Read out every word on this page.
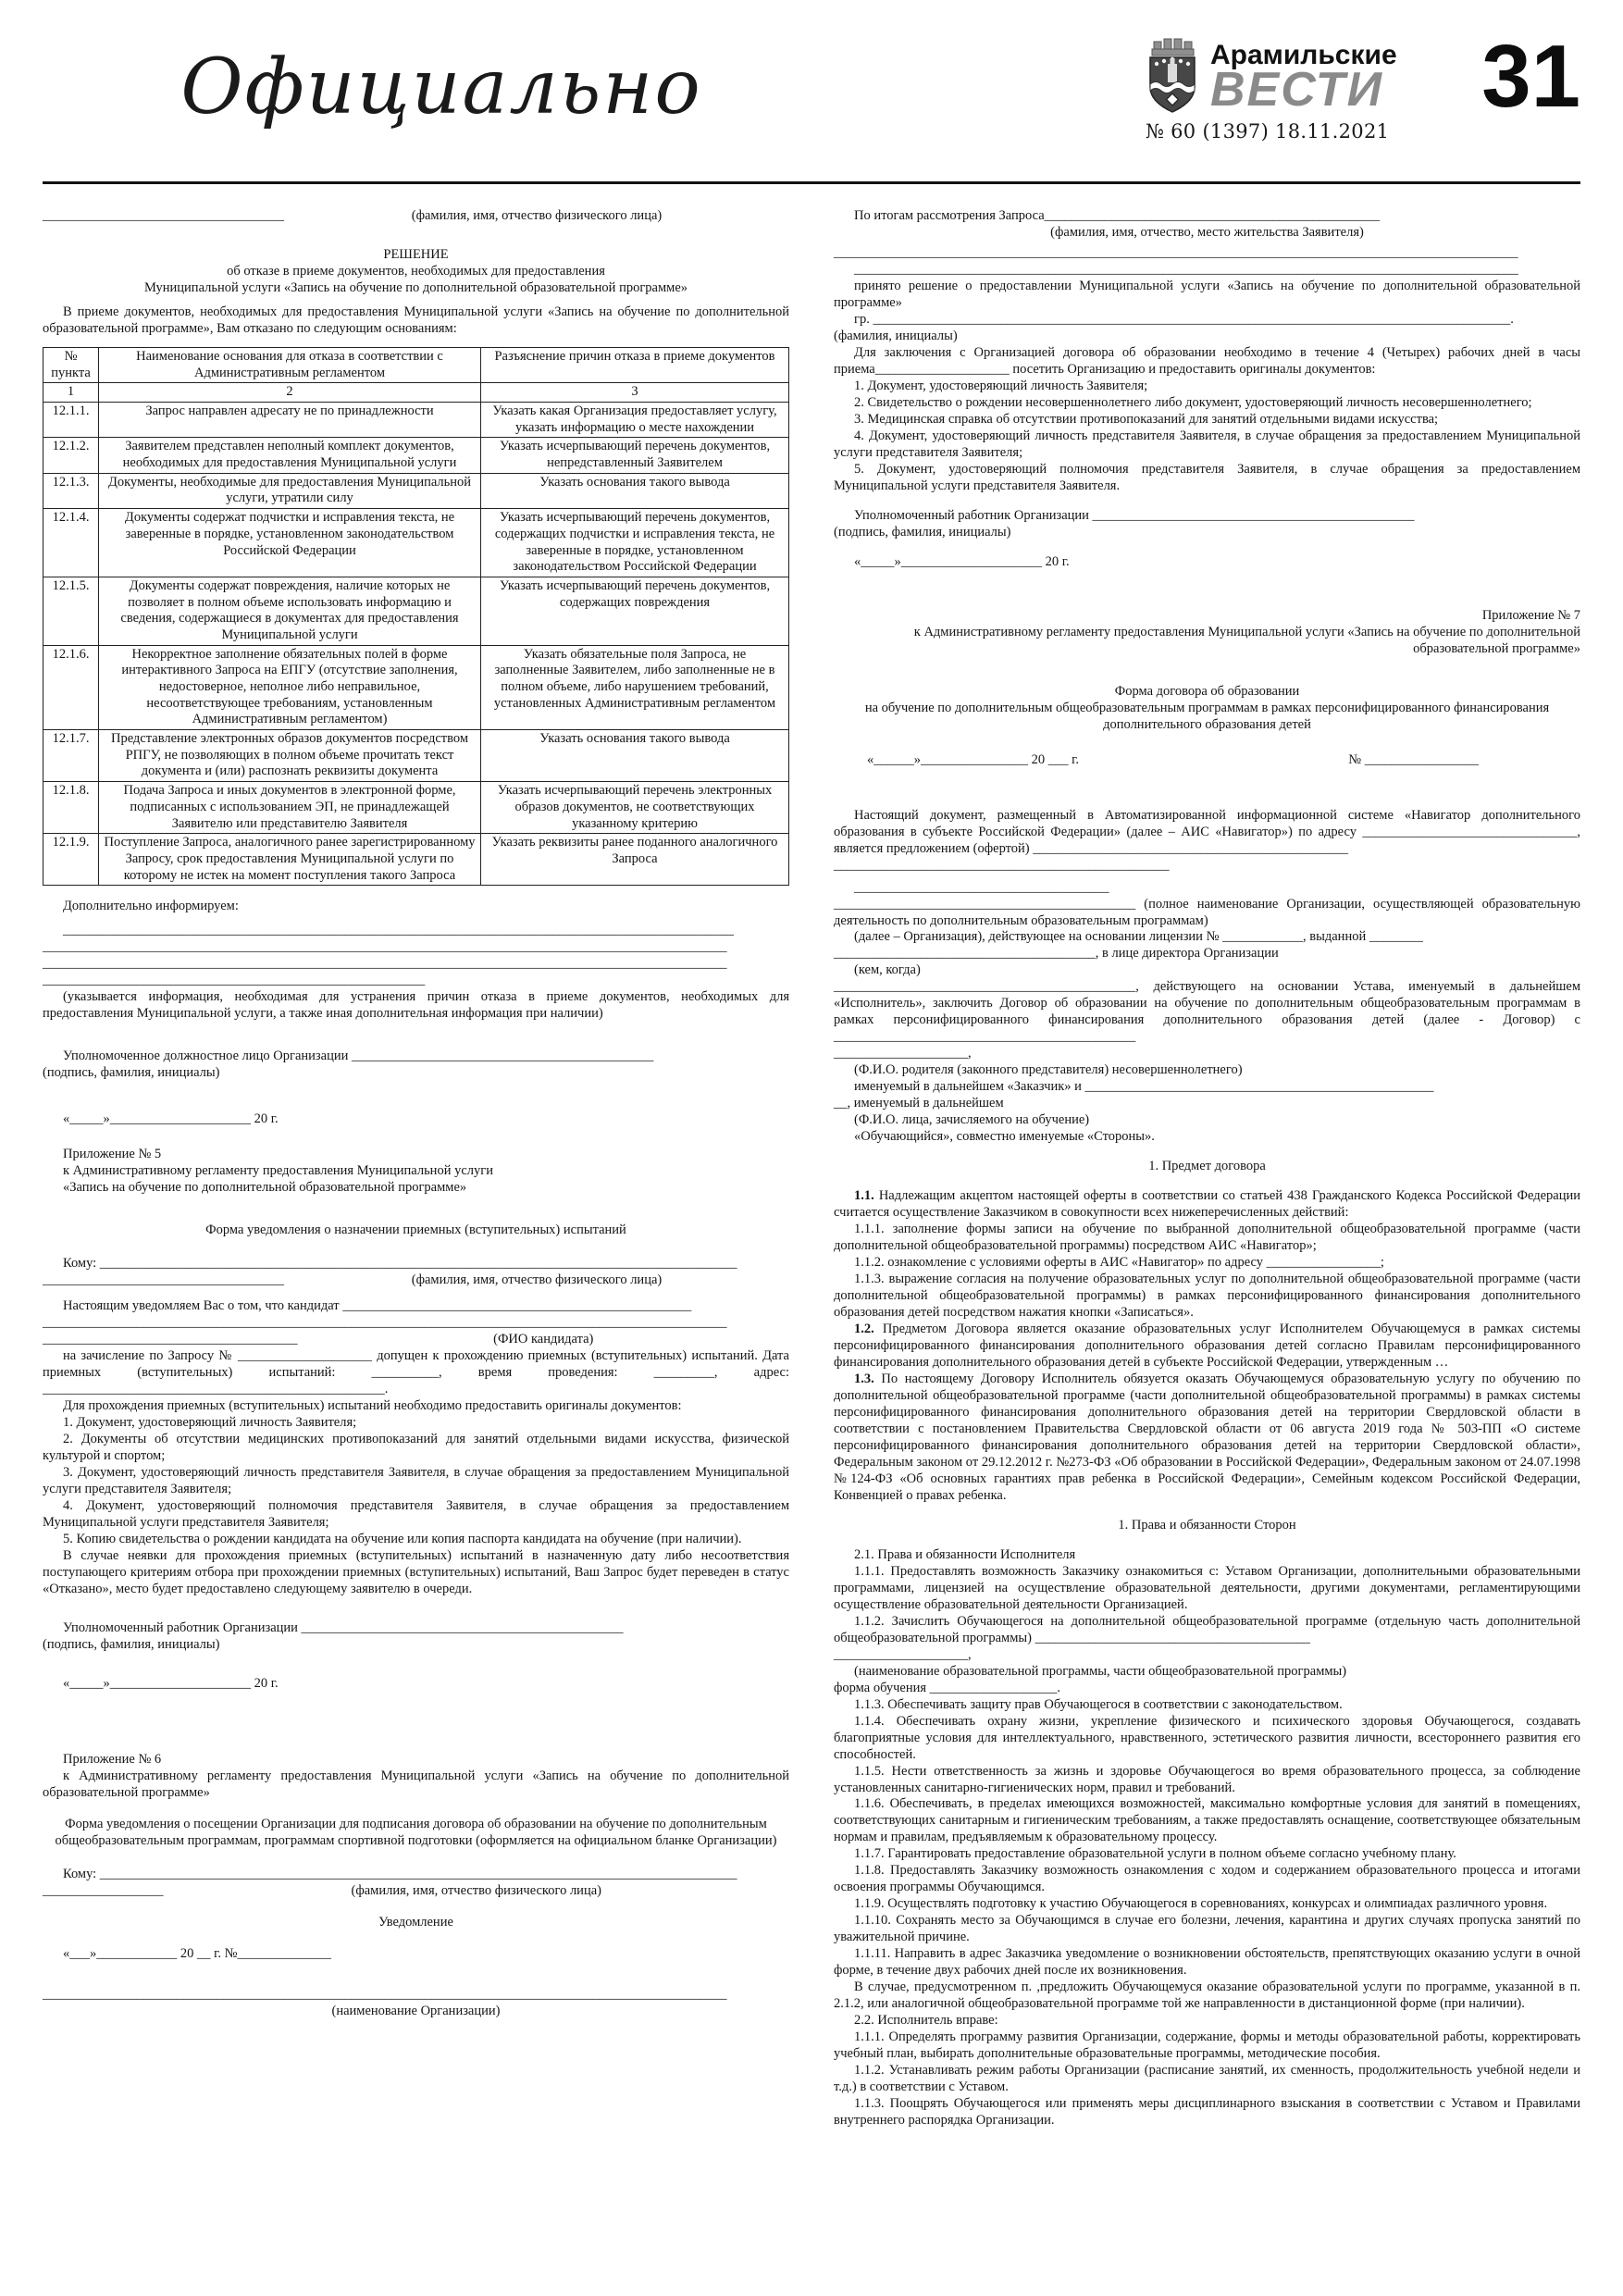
Официально	Арамильские
ВЕСТИ 31
№ 60 (1397) 18.11.2021
____________________________________	(фамилия, имя, отчество физического лица)
РЕШЕНИЕ
об отказе в приеме документов, необходимых для предоставления
Муниципальной услуги «Запись на обучение по дополнительной образовательной программе»
В приеме документов, необходимых для предоставления Муниципальной услуги «Запись на обучение по дополнительной образовательной программе», Вам отказано по следующим основаниям:
№ пункта	Наименование основания для отказа в соответствии с Административным регламентом	Разъяснение причин отказа в приеме документов
1	2	3
12.1.1.	Запрос направлен адресату не по принадлежности	Указать какая Организация предоставляет услугу, указать информацию о месте нахождении
12.1.2.	Заявителем представлен неполный комплект документов, необходимых для предоставления Муниципальной услуги	Указать исчерпывающий перечень документов, непредставленный Заявителем
12.1.3.	Документы, необходимые для предоставления Муниципальной услуги, утратили силу	Указать основания такого вывода
12.1.4.	Документы содержат подчистки и исправления текста, не заверенные в порядке, установленном законодательством Российской Федерации	Указать исчерпывающий перечень документов, содержащих подчистки и исправления текста, не заверенные в порядке, установленном законодательством Российской Федерации
12.1.5.	Документы содержат повреждения, наличие которых не позволяет в полном объеме использовать информацию и сведения, содержащиеся в документах для предоставления Муниципальной услуги	Указать исчерпывающий перечень документов, содержащих повреждения
12.1.6.	Некорректное заполнение обязательных полей в форме интерактивного Запроса на ЕПГУ (отсутствие заполнения, недостоверное, неполное либо неправильное, несоответствующее требованиям, установленным Административным регламентом)	Указать обязательные поля Запроса, не заполненные Заявителем, либо заполненные не в полном объеме, либо нарушением требований, установленных Административным регламентом
12.1.7.	Представление электронных образов документов посредством РПГУ, не позволяющих в полном объеме прочитать текст документа и (или) распознать реквизиты документа	Указать основания такого вывода
12.1.8.	Подача Запроса и иных документов в электронной форме, подписанных с использованием ЭП, не принадлежащей Заявителю или представителю Заявителя	Указать исчерпывающий перечень электронных образов документов, не соответствующих указанному критерию
12.1.9.	Поступление Запроса, аналогичного ранее зарегистрированному Запросу, срок предоставления Муниципальной услуги по которому не истек на момент поступления такого Запроса	Указать реквизиты ранее поданного аналогичного Запроса
Дополнительно информируем:
____________________________________________________________________________________________________
______________________________________________________________________________________________________
______________________________________________________________________________________________________
_________________________________________________________
(указывается информация, необходимая для устранения причин отказа в приеме документов, необходимых для предоставления Муниципальной услуги, а также иная дополнительная информация при наличии)
Уполномоченное должностное лицо Организации _____________________________________________
(подпись, фамилия, инициалы)
«_____»_____________________ 20 г.
Приложение № 5
к Административному регламенту предоставления Муниципальной услуги
«Запись на обучение по дополнительной образовательной программе»
Форма уведомления о назначении приемных (вступительных) испытаний
Кому: _______________________________________________________________________________________________
____________________________________	(фамилия, имя, отчество физического лица)
Настоящим уведомляем Вас о том, что кандидат ____________________________________________________
______________________________________________________________________________________________________
______________________________________	(ФИО кандидата)
на зачисление по Запросу № ____________________ допущен к прохождению приемных (вступительных) испытаний. Дата приемных (вступительных) испытаний: __________, время проведения: _________, адрес: ___________________________________________________.
Для прохождения приемных (вступительных) испытаний необходимо предоставить оригиналы документов:
1. Документ, удостоверяющий личность Заявителя;
2. Документы об отсутствии медицинских противопоказаний для занятий отдельными видами искусства, физической культурой и спортом;
3. Документ, удостоверяющий личность представителя Заявителя, в случае обращения за предоставлением Муниципальной услуги представителя Заявителя;
4. Документ, удостоверяющий полномочия представителя Заявителя, в случае обращения за предоставлением Муниципальной услуги представителя Заявителя;
5. Копию свидетельства о рождении кандидата на обучение или копия паспорта кандидата на обучение (при наличии).
В случае неявки для прохождения приемных (вступительных) испытаний в назначенную дату либо несоответствия поступающего критериям отбора при прохождении приемных (вступительных) испытаний, Ваш Запрос будет переведен в статус «Отказано», место будет предоставлено следующему заявителю в очереди.
Уполномоченный работник Организации ________________________________________________
(подпись, фамилия, инициалы)
«_____»_____________________ 20 г.
Приложение № 6
к Административному регламенту предоставления Муниципальной услуги «Запись на обучение по дополнительной образовательной программе»
Форма уведомления о посещении Организации для подписания договора об образовании на обучение по дополнительным общеобразовательным программам, программам спортивной подготовки (оформляется на официальном бланке Организации)
Кому: _______________________________________________________________________________________________
__________________	(фамилия, имя, отчество физического лица)
Уведомление
«___»____________ 20 __ г. №______________
______________________________________________________________________________________________________
(наименование Организации)
По итогам рассмотрения Запроса__________________________________________________
(фамилия, имя, отчество, место жительства Заявителя)
______________________________________________________________________________________________________
___________________________________________________________________________________________________
принято решение о предоставлении Муниципальной услуги «Запись на обучение по дополнительной образовательной программе»
гр. _______________________________________________________________________________________________.
(фамилия, инициалы)
Для заключения с Организацией договора об образовании необходимо в течение 4 (Четырех) рабочих дней в часы приема____________________ посетить Организацию и предоставить оригиналы документов:
1. Документ, удостоверяющий личность Заявителя;
2. Свидетельство о рождении несовершеннолетнего либо документ, удостоверяющий личность несовершеннолетнего;
3. Медицинская справка об отсутствии противопоказаний для занятий отдельными видами искусства;
4. Документ, удостоверяющий личность представителя Заявителя, в случае обращения за предоставлением Муниципальной услуги представителя Заявителя;
5. Документ, удостоверяющий полномочия представителя Заявителя, в случае обращения за предоставлением Муниципальной услуги представителя Заявителя.
Уполномоченный работник Организации ________________________________________________
(подпись, фамилия, инициалы)
«_____»_____________________ 20 г.
Приложение № 7
к Административному регламенту предоставления Муниципальной услуги «Запись на обучение по дополнительной образовательной программе»
Форма договора об образовании
на обучение по дополнительным общеобразовательным программам в рамках персонифицированного финансирования дополнительного образования детей
«______»________________ 20 ___ г.	№ _________________
Настоящий документ, размещенный в Автоматизированной информационной системе «Навигатор дополнительного образования в субъекте Российской Федерации» (далее – АИС «Навигатор») по адресу ________________________________, является предложением (офертой) _______________________________________________
__________________________________________________
______________________________________
_____________________________________________ (полное наименование Организации, осуществляющей образовательную деятельность по дополнительным образовательным программам)
(далее – Организация), действующее на основании лицензии № ____________, выданной ________
_______________________________________, в лице директора Организации
(кем, когда)
_____________________________________________, действующего на основании Устава, именуемый в дальнейшем «Исполнитель», заключить Договор об образовании на обучение по дополнительным общеобразовательным программам в рамках персонифицированного финансирования дополнительного образования детей (далее - Договор) с _____________________________________________
____________________,
(Ф.И.О. родителя (законного представителя) несовершеннолетнего)
именуемый в дальнейшем «Заказчик» и ____________________________________________________
__, именуемый в дальнейшем
(Ф.И.О. лица, зачисляемого на обучение)
«Обучающийся», совместно именуемые «Стороны».
1. Предмет договора
1.1. Надлежащим акцептом настоящей оферты в соответствии со статьей 438 Гражданского Кодекса Российской Федерации считается осуществление Заказчиком в совокупности всех нижеперечисленных действий:
1.1.1. заполнение формы записи на обучение по выбранной дополнительной общеобразовательной программе (части дополнительной общеобразовательной программы) посредством АИС «Навигатор»;
1.1.2. ознакомление с условиями оферты в АИС «Навигатор» по адресу _________________;
1.1.3. выражение согласия на получение образовательных услуг по дополнительной общеобразовательной программе (части дополнительной общеобразовательной программы) в рамках персонифицированного финансирования дополнительного образования детей посредством нажатия кнопки «Записаться».
1.2. Предметом Договора является оказание образовательных услуг Исполнителем Обучающемуся в рамках системы персонифицированного финансирования дополнительного образования детей согласно Правилам персонифицированного финансирования дополнительного образования детей в субъекте Российской Федерации, утвержденным …
1.3. По настоящему Договору Исполнитель обязуется оказать Обучающемуся образовательную услугу по обучению по дополнительной общеобразовательной программе (части дополнительной общеобразовательной программы) в рамках системы персонифицированного финансирования дополнительного образования детей на территории Свердловской области в соответствии с постановлением Правительства Свердловской области от 06 августа 2019 года № 503-ПП «О системе персонифицированного финансирования дополнительного образования детей на территории Свердловской области», Федеральным законом от 29.12.2012 г. №273-ФЗ «Об образовании в Российской Федерации», Федеральным законом от 24.07.1998 №124-ФЗ «Об основных гарантиях прав ребенка в Российской Федерации», Семейным кодексом Российской Федерации, Конвенцией о правах ребенка.
1. Права и обязанности Сторон
2.1. Права и обязанности Исполнителя
1.1.1. Предоставлять возможность Заказчику ознакомиться с: Уставом Организации, дополнительными образовательными программами, лицензией на осуществление образовательной деятельности, другими документами, регламентирующими осуществление образовательной деятельности Организацией.
1.1.2. Зачислить Обучающегося на дополнительной общеобразовательной программе (отдельную часть дополнительной общеобразовательной программы) _________________________________________
____________________,
(наименование образовательной программы, части общеобразовательной программы)
форма обучения ___________________.
1.1.3. Обеспечивать защиту прав Обучающегося в соответствии с законодательством.
1.1.4. Обеспечивать охрану жизни, укрепление физического и психического здоровья Обучающегося, создавать благоприятные условия для интеллектуального, нравственного, эстетического развития личности, всестороннего развития его способностей.
1.1.5. Нести ответственность за жизнь и здоровье Обучающегося во время образовательного процесса, за соблюдение установленных санитарно-гигиенических норм, правил и требований.
1.1.6. Обеспечивать, в пределах имеющихся возможностей, максимально комфортные условия для занятий в помещениях, соответствующих санитарным и гигиеническим требованиям, а также предоставлять оснащение, соответствующее обязательным нормам и правилам, предъявляемым к образовательному процессу.
1.1.7. Гарантировать предоставление образовательной услуги в полном объеме согласно учебному плану.
1.1.8. Предоставлять Заказчику возможность ознакомления с ходом и содержанием образовательного процесса и итогами освоения программы Обучающимся.
1.1.9. Осуществлять подготовку к участию Обучающегося в соревнованиях, конкурсах и олимпиадах различного уровня.
1.1.10. Сохранять место за Обучающимся в случае его болезни, лечения, карантина и других случаях пропуска занятий по уважительной причине.
1.1.11. Направить в адрес Заказчика уведомление о возникновении обстоятельств, препятствующих оказанию услуги в очной форме, в течение двух рабочих дней после их возникновения.
В случае, предусмотренном п. ,предложить Обучающемуся оказание образовательной услуги по программе, указанной в п. 2.1.2, или аналогичной общеобразовательной программе той же направленности в дистанционной форме (при наличии).
2.2. Исполнитель вправе:
1.1.1. Определять программу развития Организации, содержание, формы и методы образовательной работы, корректировать учебный план, выбирать дополнительные образовательные программы, методические пособия.
1.1.2. Устанавливать режим работы Организации (расписание занятий, их сменность, продолжительность учебной недели и т.д.) в соответствии с Уставом.
1.1.3. Поощрять Обучающегося или применять меры дисциплинарного взыскания в соответствии с Уставом и Правилами внутреннего распорядка Организации.
